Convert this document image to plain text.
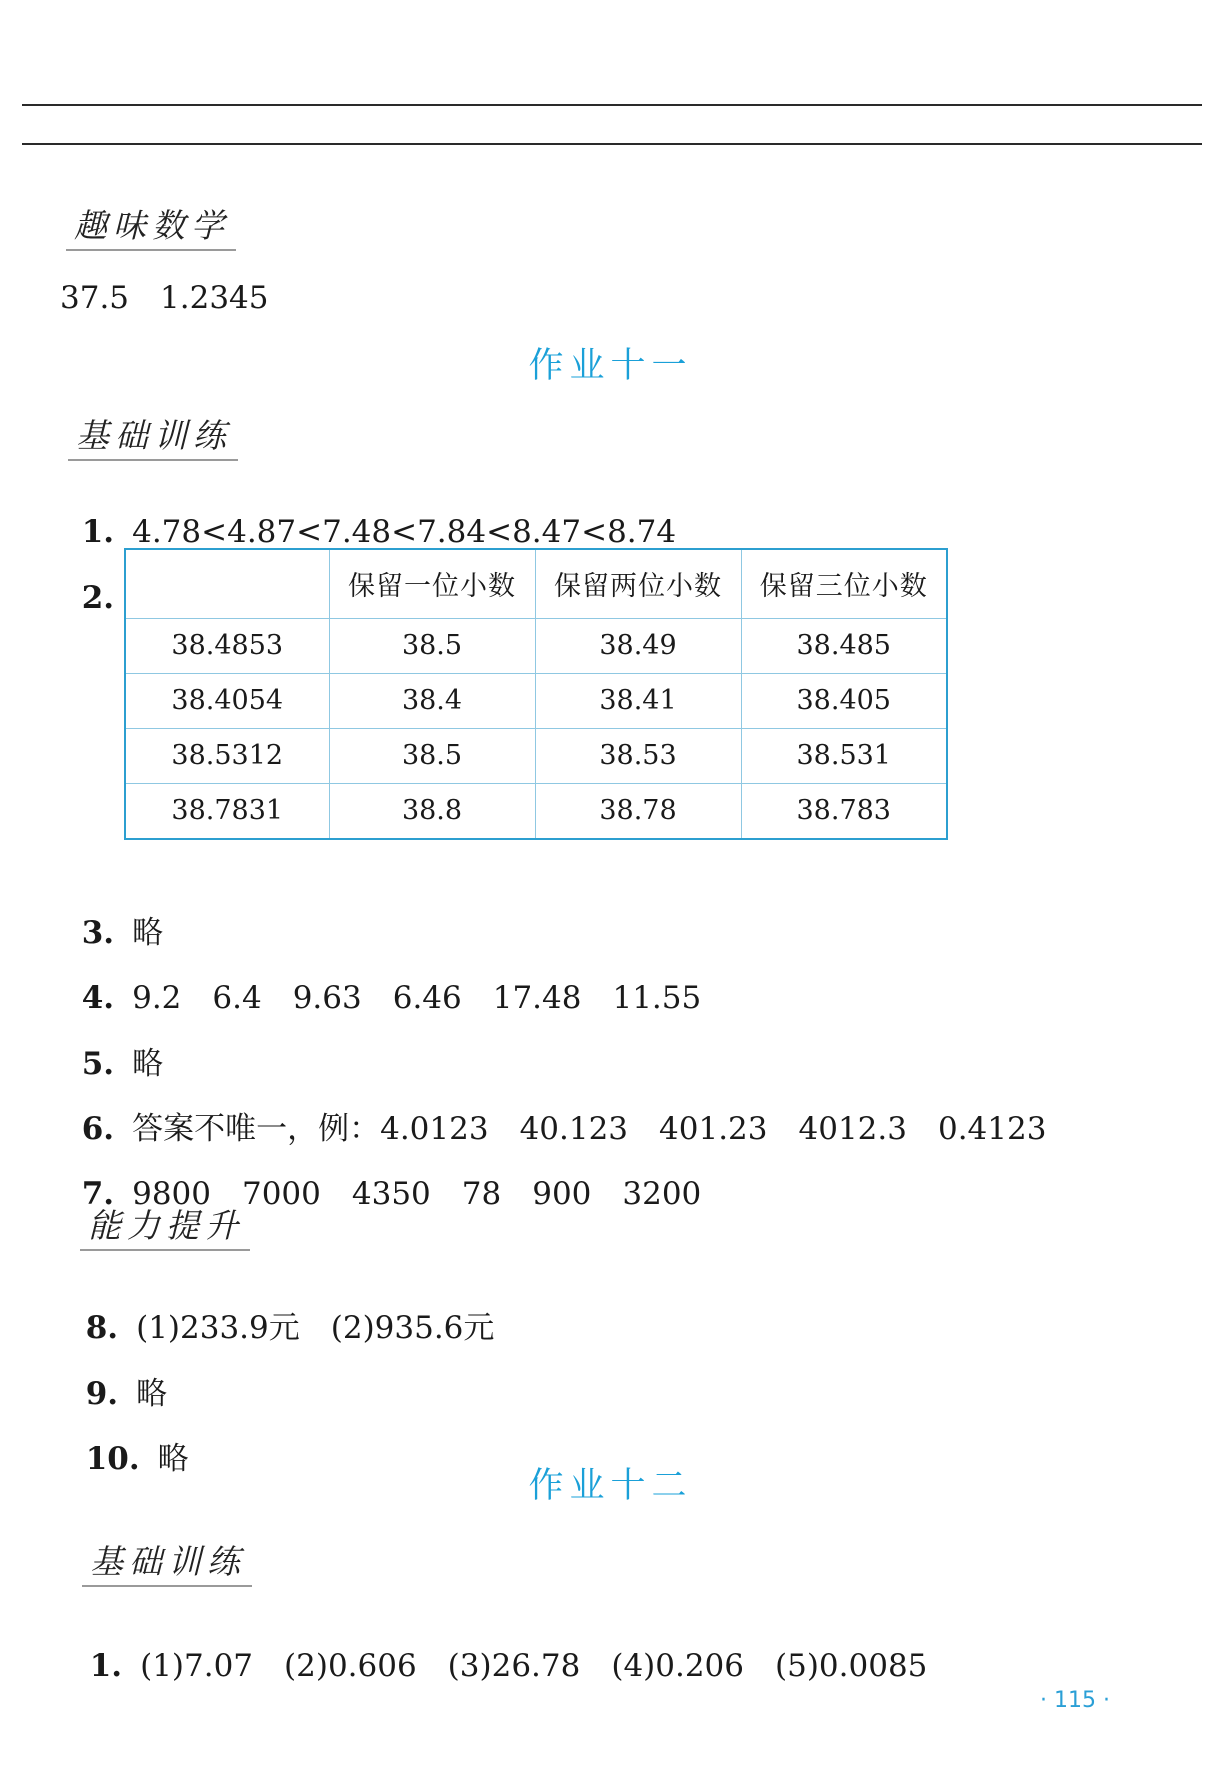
趣味数学
37.5　1.2345
作业十一
基础训练

1. 4.78<4.87<7.48<7.84<8.47<8.74

2.

		保留一位小数	保留两位小数	保留三位小数
38.4853	38.5	38.49	38.485
38.4054	38.4	38.41	38.405
38.5312	38.5	38.53	38.531
38.7831	38.8	38.78	38.783

3. 略

4. 9.2　6.4　9.63　6.46　17.48　11.55

5. 略

6. 答案不唯一，例：4.0123　40.123　401.23　4012.3　0.4123

7. 9800　7000　4350　78　900　3200

能力提升

8. (1)233.9元　(2)935.6元

9. 略

10. 略

作业十二
基础训练

1. (1)7.07　(2)0.606　(3)26.78　(4)0.206　(5)0.0085

· 115 ·
